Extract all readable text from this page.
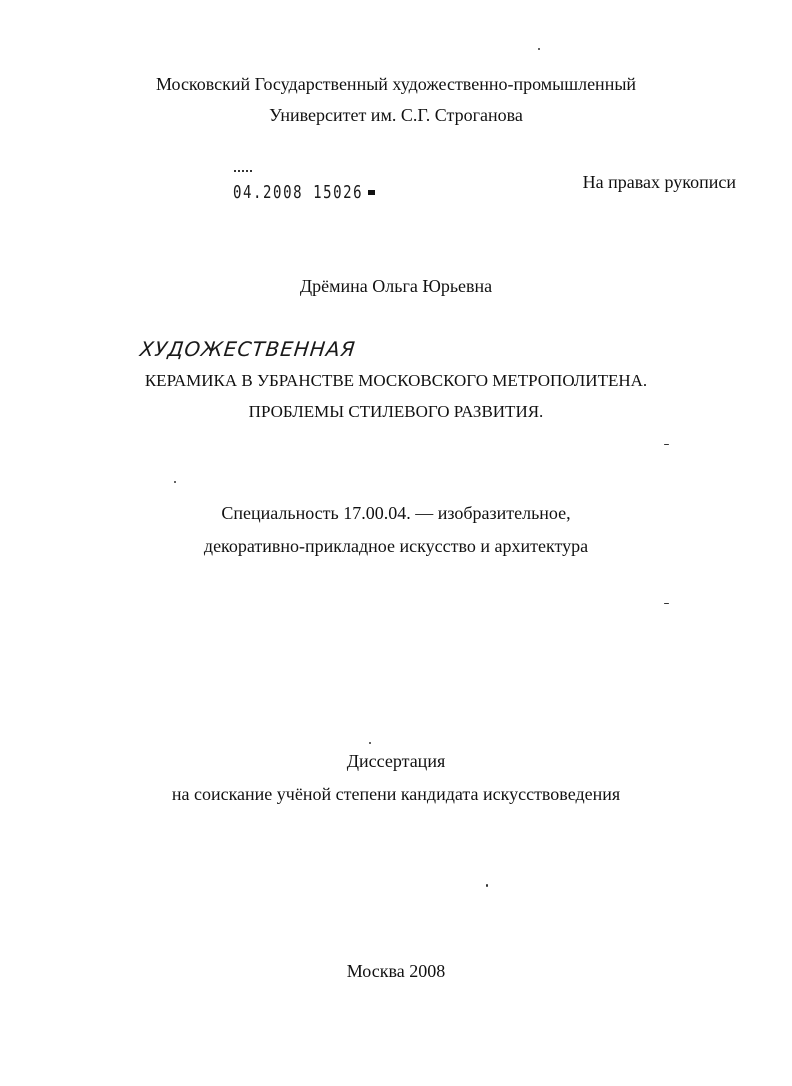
Московский Государственный художественно-промышленный
Университет им. С.Г. Строганова
04.2008 15026	На правах рукописи
Дрёмина Ольга Юрьевна
ХУДОЖЕСТВЕННАЯ
КЕРАМИКА В УБРАНСТВЕ МОСКОВСКОГО МЕТРОПОЛИТЕНА.
ПРОБЛЕМЫ СТИЛЕВОГО РАЗВИТИЯ.
Специальность 17.00.04. — изобразительное,
декоративно-прикладное искусство и архитектура
Диссертация
на соискание учёной степени кандидата искусствоведения
Москва 2008
